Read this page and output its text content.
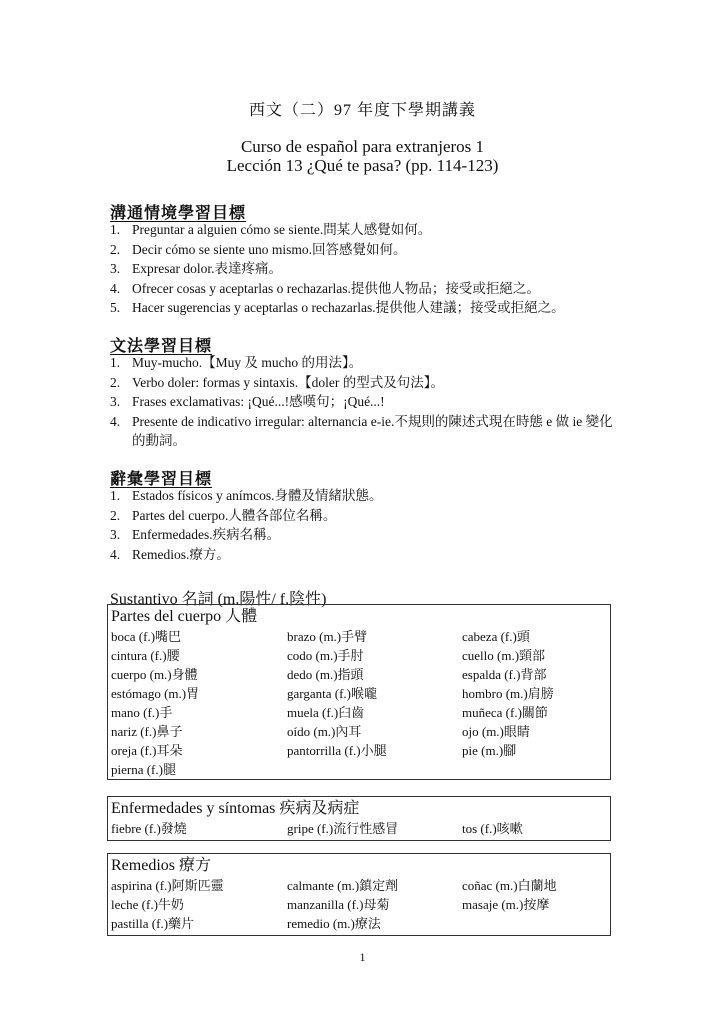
西文（二）97 年度下學期講義
Curso de español para extranjeros 1
Lección 13 ¿Qué te pasa? (pp. 114-123)
溝通情境學習目標
1. Preguntar a alguien cómo se siente.問某人感覺如何。
2. Decir cómo se siente uno mismo.回答感覺如何。
3. Expresar dolor.表達疼痛。
4. Ofrecer cosas y aceptarlas o rechazarlas.提供他人物品；接受或拒絕之。
5. Hacer sugerencias y aceptarlas o rechazarlas.提供他人建議；接受或拒絕之。
文法學習目標
1. Muy-mucho.【Muy 及 mucho 的用法】。
2. Verbo doler: formas y sintaxis.【doler 的型式及句法】。
3. Frases exclamativas: ¡Qué...!感嘆句；¡Qué...!
4. Presente de indicativo irregular: alternancia e-ie.不規則的陳述式現在時態 e 做 ie 變化的動詞。
辭彙學習目標
1. Estados físicos y anímcos.身體及情緒狀態。
2. Partes del cuerpo.人體各部位名稱。
3. Enfermedades.疾病名稱。
4. Remedios.療方。
Sustantivo 名詞 (m.陽性/ f.陰性)
Partes del cuerpo 人體
boca (f.)嘴巴	brazo (m.)手臂	cabeza (f.)頭
cintura (f.)腰	codo (m.)手肘	cuello (m.)頸部
cuerpo (m.)身體	dedo (m.)指頭	espalda (f.)背部
estómago (m.)胃	garganta (f.)喉嚨	hombro (m.)肩膀
mano (f.)手	muela (f.)臼齒	muñeca (f.)關節
nariz (f.)鼻子	oído (m.)內耳	ojo (m.)眼睛
oreja (f.)耳朵	pantorrilla (f.)小腿	pie (m.)腳
pierna (f.)腿
Enfermedades y síntomas 疾病及病症
fiebre (f.)發燒	gripe (f.)流行性感冒	tos (f.)咳嗽
Remedios 療方
aspirina (f.)阿斯匹靈	calmante (m.)鎮定劑	coñac (m.)白蘭地
leche (f.)牛奶	manzanilla (f.)母菊	masaje (m.)按摩
pastilla (f.)藥片	remedio (m.)療法
1
